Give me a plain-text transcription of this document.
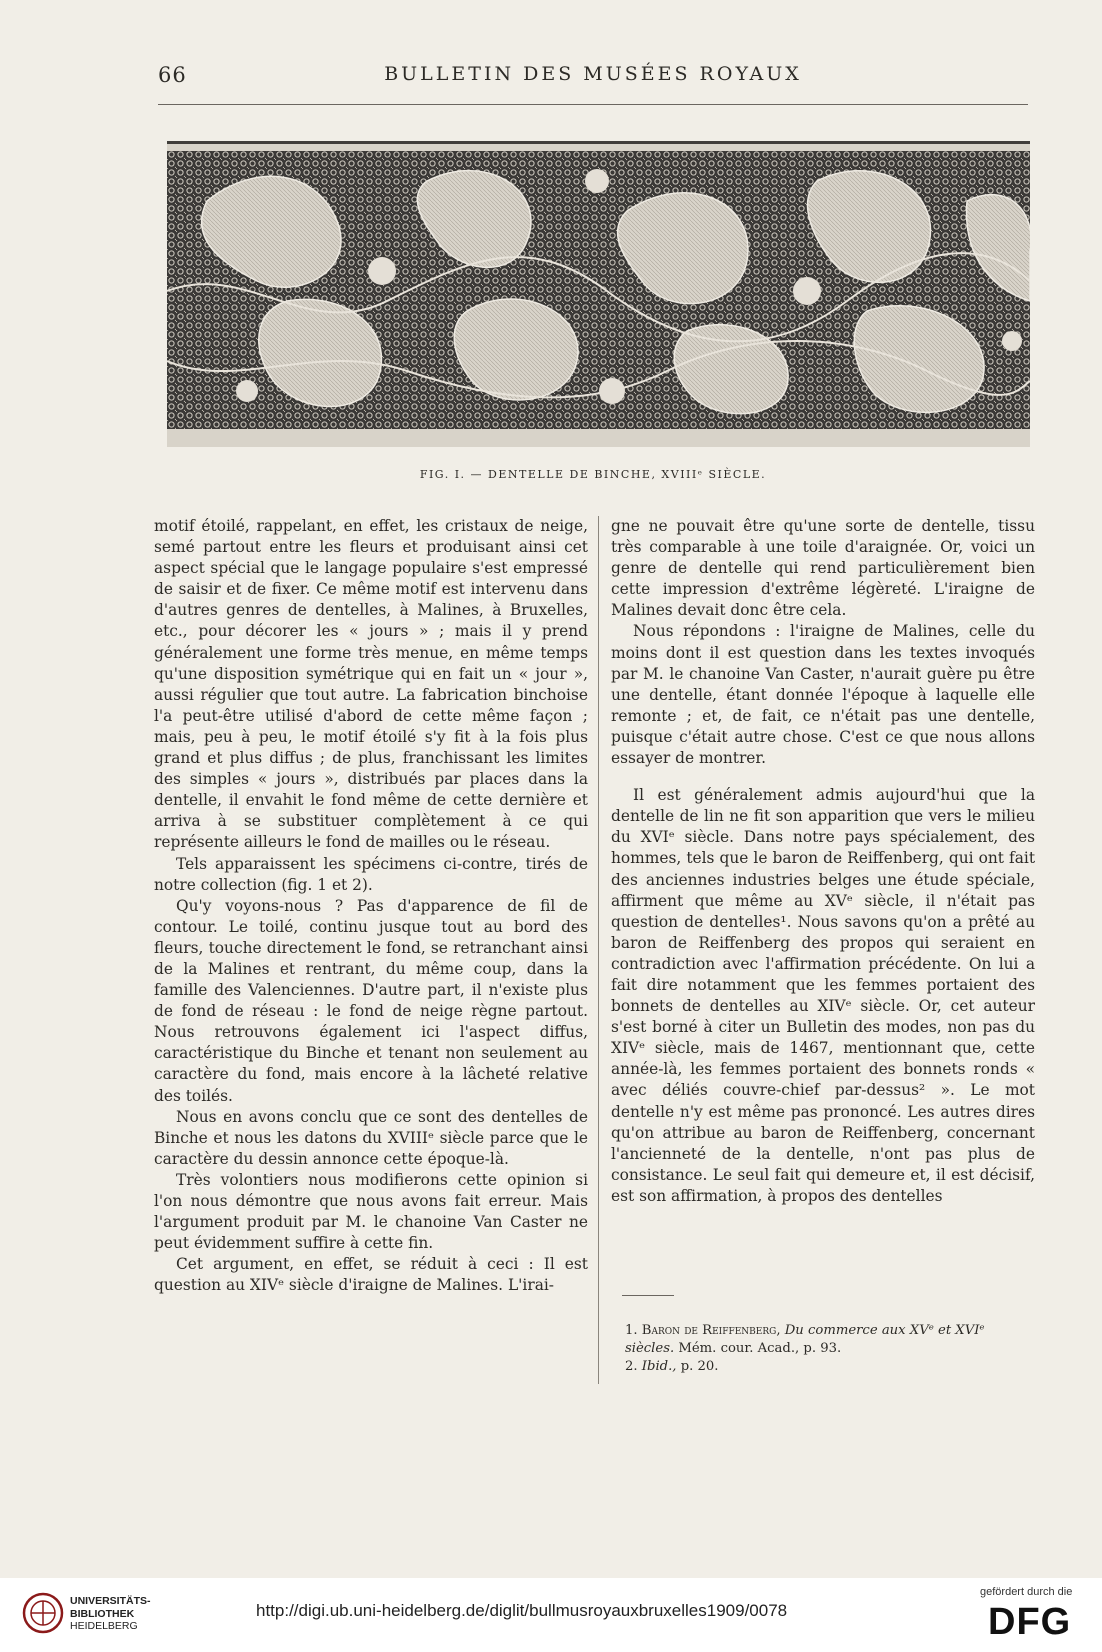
66	BULLETIN DES MUSÉES ROYAUX
FIG. I. — DENTELLE DE BINCHE, XVIIIᵉ SIÈCLE.

motif étoilé, rappelant, en effet, les cristaux de neige, semé partout entre les fleurs et produisant ainsi cet aspect spécial que le langage populaire s'est empressé de saisir et de fixer. Ce même motif est intervenu dans d'autres genres de dentelles, à Malines, à Bruxelles, etc., pour décorer les « jours » ; mais il y prend généralement une forme très menue, en même temps qu'une disposition symétrique qui en fait un « jour », aussi régulier que tout autre. La fabrication binchoise l'a peut-être utilisé d'abord de cette même façon ; mais, peu à peu, le motif étoilé s'y fit à la fois plus grand et plus diffus ; de plus, franchissant les limites des simples « jours », distribués par places dans la dentelle, il envahit le fond même de cette dernière et arriva à se substituer complètement à ce qui représente ailleurs le fond de mailles ou le réseau.

Tels apparaissent les spécimens ci-contre, tirés de notre collection (fig. 1 et 2).

Qu'y voyons-nous ? Pas d'apparence de fil de contour. Le toilé, continu jusque tout au bord des fleurs, touche directement le fond, se retranchant ainsi de la Malines et rentrant, du même coup, dans la famille des Valenciennes. D'autre part, il n'existe plus de fond de réseau : le fond de neige règne partout. Nous retrouvons également ici l'aspect diffus, caractéristique du Binche et tenant non seulement au caractère du fond, mais encore à la lâcheté relative des toilés.

Nous en avons conclu que ce sont des dentelles de Binche et nous les datons du XVIIIᵉ siècle parce que le caractère du dessin annonce cette époque-là.

Très volontiers nous modifierons cette opinion si l'on nous démontre que nous avons fait erreur. Mais l'argument produit par M. le chanoine Van Caster ne peut évidemment suffire à cette fin.

Cet argument, en effet, se réduit à ceci : Il est question au XIVᵉ siècle d'iraigne de Malines. L'irai-

gne ne pouvait être qu'une sorte de dentelle, tissu très comparable à une toile d'araignée. Or, voici un genre de dentelle qui rend particulièrement bien cette impression d'extrême légèreté. L'iraigne de Malines devait donc être cela.

Nous répondons : l'iraigne de Malines, celle du moins dont il est question dans les textes invoqués par M. le chanoine Van Caster, n'aurait guère pu être une dentelle, étant donnée l'époque à laquelle elle remonte ; et, de fait, ce n'était pas une dentelle, puisque c'était autre chose. C'est ce que nous allons essayer de montrer.

Il est généralement admis aujourd'hui que la dentelle de lin ne fit son apparition que vers le milieu du XVIᵉ siècle. Dans notre pays spécialement, des hommes, tels que le baron de Reiffenberg, qui ont fait des anciennes industries belges une étude spéciale, affirment que même au XVᵉ siècle, il n'était pas question de dentelles¹. Nous savons qu'on a prêté au baron de Reiffenberg des propos qui seraient en contradiction avec l'affirmation précédente. On lui a fait dire notamment que les femmes portaient des bonnets de dentelles au XIVᵉ siècle. Or, cet auteur s'est borné à citer un Bulletin des modes, non pas du XIVᵉ siècle, mais de 1467, mentionnant que, cette année-là, les femmes portaient des bonnets ronds « avec déliés couvre-chief par-dessus² ». Le mot dentelle n'y est même pas prononcé. Les autres dires qu'on attribue au baron de Reiffenberg, concernant l'ancienneté de la dentelle, n'ont pas plus de consistance. Le seul fait qui demeure et, il est décisif, est son affirmation, à propos des dentelles

1. Baron de Reiffenberg, Du commerce aux XVᵉ et XVIᵉ siècles. Mém. cour. Acad., p. 93.

2. Ibid., p. 20.

UNIVERSITÄTS-
BIBLIOTHEK
HEIDELBERG
http://digi.ub.uni-heidelberg.de/diglit/bullmusroyauxbruxelles1909/0078
gefördert durch die
DFG
